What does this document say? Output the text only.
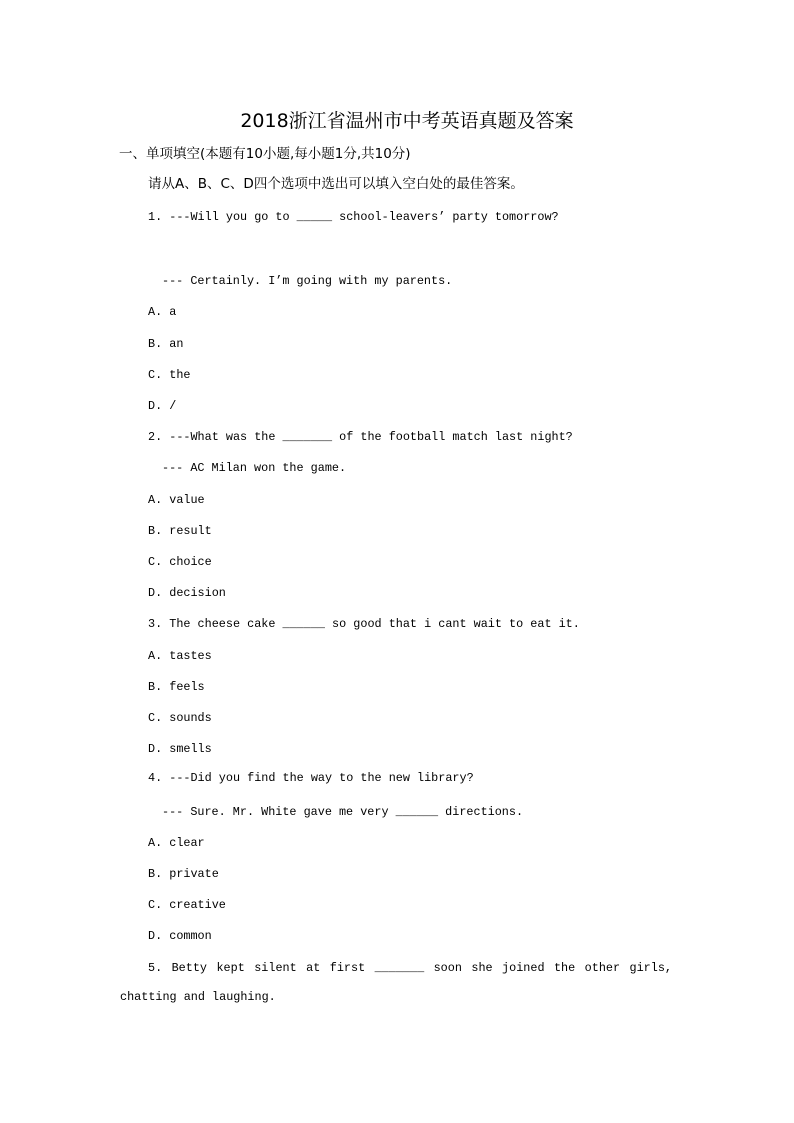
2018浙江省温州市中考英语真题及答案
一、单项填空(本题有10小题,每小题1分,共10分)
请从A、B、C、D四个选项中选出可以填入空白处的最佳答案。
1. ---Will you go to _____ school-leavers’ party tomorrow?
--- Certainly. I’m going with my parents.
A. a
B. an
C. the
D. /
2. ---What was the _______ of the football match last night?
--- AC Milan won the game.
A. value
B. result
C. choice
D. decision
3. The cheese cake ______ so good that i cant wait to eat it.
A. tastes
B. feels
C. sounds
D. smells
4. ---Did you find the way to the new library?
--- Sure. Mr. White gave me very ______ directions.
A. clear
B. private
C. creative
D. common
5. Betty kept silent at first _______ soon she joined the other girls,
chatting and laughing.
